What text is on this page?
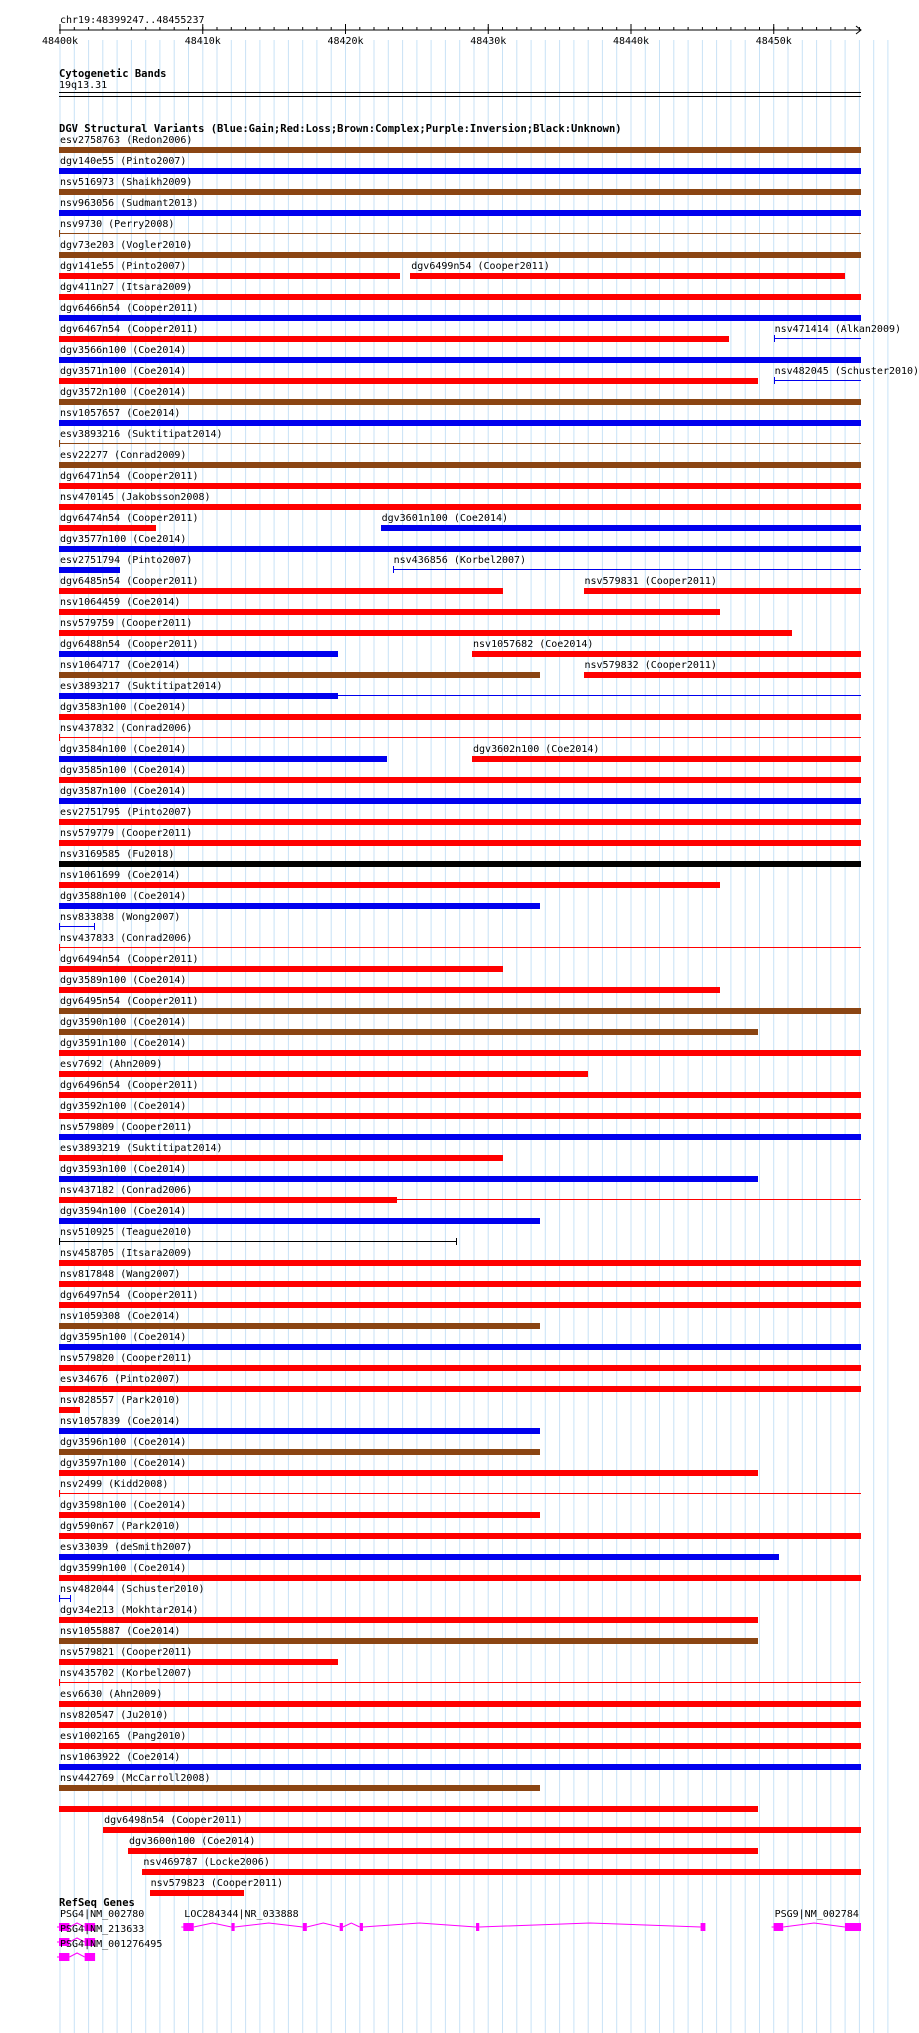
chr19:48399247..48455237
48400k	48410k	48420k	48430k	48440k	48450k
Cytogenetic Bands
19q13.31
DGV Structural Variants (Blue:Gain;Red:Loss;Brown:Complex;Purple:Inversion;Black:Unknown)
esv2758763 (Redon2006)
dgv140e55 (Pinto2007)
nsv516973 (Shaikh2009)
nsv963056 (Sudmant2013)
nsv9730 (Perry2008)
dgv73e203 (Vogler2010)
dgv141e55 (Pinto2007)	dgv6499n54 (Cooper2011)
dgv411n27 (Itsara2009)
dgv6466n54 (Cooper2011)
dgv6467n54 (Cooper2011)	nsv471414 (Alkan2009)
dgv3566n100 (Coe2014)
dgv3571n100 (Coe2014)	nsv482045 (Schuster2010)
dgv3572n100 (Coe2014)
nsv1057657 (Coe2014)
esv3893216 (Suktitipat2014)
esv22277 (Conrad2009)
dgv6471n54 (Cooper2011)
nsv470145 (Jakobsson2008)
dgv6474n54 (Cooper2011)	dgv3601n100 (Coe2014)
dgv3577n100 (Coe2014)
esv2751794 (Pinto2007)	nsv436856 (Korbel2007)
dgv6485n54 (Cooper2011)	nsv579831 (Cooper2011)
nsv1064459 (Coe2014)
nsv579759 (Cooper2011)
dgv6488n54 (Cooper2011)	nsv1057682 (Coe2014)
nsv1064717 (Coe2014)	nsv579832 (Cooper2011)
esv3893217 (Suktitipat2014)
dgv3583n100 (Coe2014)
nsv437832 (Conrad2006)
dgv3584n100 (Coe2014)	dgv3602n100 (Coe2014)
dgv3585n100 (Coe2014)
dgv3587n100 (Coe2014)
esv2751795 (Pinto2007)
nsv579779 (Cooper2011)
nsv3169585 (Fu2018)
nsv1061699 (Coe2014)
dgv3588n100 (Coe2014)
nsv833838 (Wong2007)
nsv437833 (Conrad2006)
dgv6494n54 (Cooper2011)
dgv3589n100 (Coe2014)
dgv6495n54 (Cooper2011)
dgv3590n100 (Coe2014)
dgv3591n100 (Coe2014)
esv7692 (Ahn2009)
dgv6496n54 (Cooper2011)
dgv3592n100 (Coe2014)
nsv579809 (Cooper2011)
esv3893219 (Suktitipat2014)
dgv3593n100 (Coe2014)
nsv437182 (Conrad2006)
dgv3594n100 (Coe2014)
nsv510925 (Teague2010)
nsv458705 (Itsara2009)
nsv817848 (Wang2007)
dgv6497n54 (Cooper2011)
nsv1059308 (Coe2014)
dgv3595n100 (Coe2014)
nsv579820 (Cooper2011)
esv34676 (Pinto2007)
nsv828557 (Park2010)
nsv1057839 (Coe2014)
dgv3596n100 (Coe2014)
dgv3597n100 (Coe2014)
nsv2499 (Kidd2008)
dgv3598n100 (Coe2014)
dgv590n67 (Park2010)
esv33039 (deSmith2007)
dgv3599n100 (Coe2014)
nsv482044 (Schuster2010)
dgv34e213 (Mokhtar2014)
nsv1055887 (Coe2014)
nsv579821 (Cooper2011)
nsv435702 (Korbel2007)
esv6630 (Ahn2009)
nsv820547 (Ju2010)
esv1002165 (Pang2010)
nsv1063922 (Coe2014)
nsv442769 (McCarroll2008)
dgv6498n54 (Cooper2011)
dgv3600n100 (Coe2014)
nsv469787 (Locke2006)
nsv579823 (Cooper2011)
RefSeq Genes
PSG4|NM_002780	LOC284344|NR_033888	PSG9|NM_002784
PSG4|NM_213633
PSG4|NM_001276495
